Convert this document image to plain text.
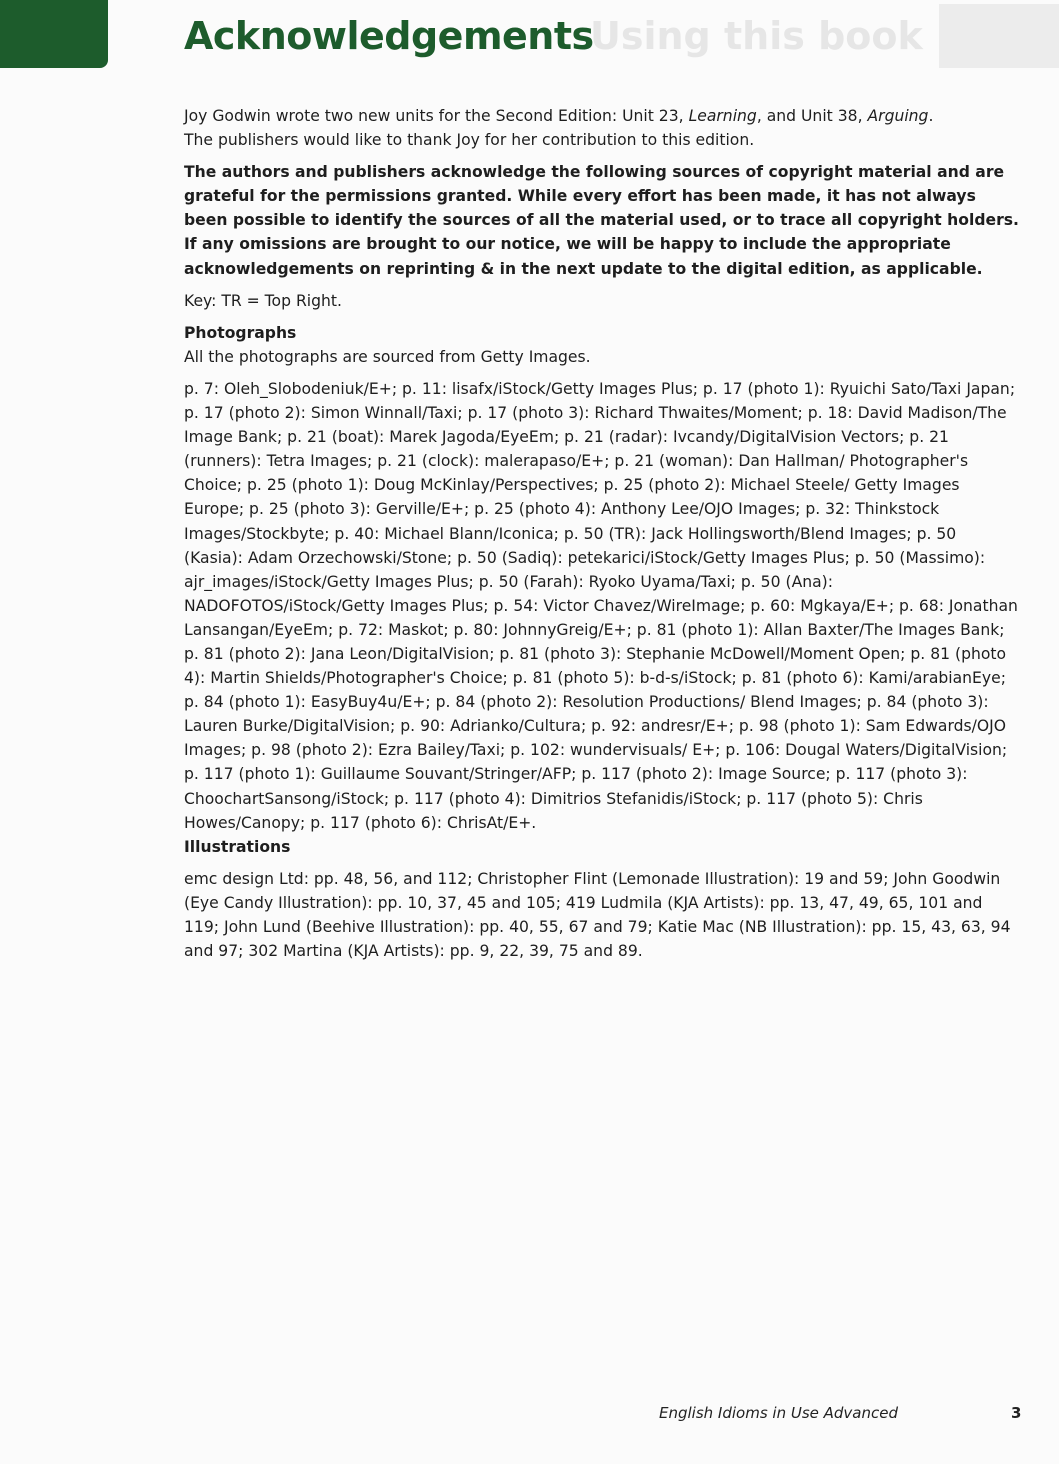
Using this book
Acknowledgements

Joy Godwin wrote two new units for the Second Edition: Unit 23, Learning, and Unit 38, Arguing.

The publishers would like to thank Joy for her contribution to this edition.

The authors and publishers acknowledge the following sources of copyright material and are grateful for the permissions granted. While every effort has been made, it has not always been possible to identify the sources of all the material used, or to trace all copyright holders. If any omissions are brought to our notice, we will be happy to include the appropriate acknowledgements on reprinting & in the next update to the digital edition, as applicable.

Key: TR = Top Right.

Photographs

All the photographs are sourced from Getty Images.

p. 7: Oleh_Slobodeniuk/E+; p. 11: lisafx/iStock/Getty Images Plus; p. 17 (photo 1): Ryuichi Sato/Taxi Japan; p. 17 (photo 2): Simon Winnall/Taxi; p. 17 (photo 3): Richard Thwaites/Moment; p. 18: David Madison/The Image Bank; p. 21 (boat): Marek Jagoda/EyeEm; p. 21 (radar): Ivcandy/DigitalVision Vectors; p. 21 (runners): Tetra Images; p. 21 (clock): malerapaso/E+; p. 21 (woman): Dan Hallman/ Photographer's Choice; p. 25 (photo 1): Doug McKinlay/Perspectives; p. 25 (photo 2): Michael Steele/ Getty Images Europe; p. 25 (photo 3): Gerville/E+; p. 25 (photo 4): Anthony Lee/OJO Images; p. 32: Thinkstock Images/Stockbyte; p. 40: Michael Blann/Iconica; p. 50 (TR): Jack Hollingsworth/Blend Images; p. 50 (Kasia): Adam Orzechowski/Stone; p. 50 (Sadiq): petekarici/iStock/Getty Images Plus; p. 50 (Massimo): ajr_images/iStock/Getty Images Plus; p. 50 (Farah): Ryoko Uyama/Taxi; p. 50 (Ana): NADOFOTOS/iStock/Getty Images Plus; p. 54: Victor Chavez/WireImage; p. 60: Mgkaya/E+; p. 68: Jonathan Lansangan/EyeEm; p. 72: Maskot; p. 80: JohnnyGreig/E+; p. 81 (photo 1): Allan Baxter/The Images Bank; p. 81 (photo 2): Jana Leon/DigitalVision; p. 81 (photo 3): Stephanie McDowell/Moment Open; p. 81 (photo 4): Martin Shields/Photographer's Choice; p. 81 (photo 5): b-d-s/iStock; p. 81 (photo 6): Kami/arabianEye; p. 84 (photo 1): EasyBuy4u/E+; p. 84 (photo 2): Resolution Productions/ Blend Images; p. 84 (photo 3): Lauren Burke/DigitalVision; p. 90: Adrianko/Cultura; p. 92: andresr/E+; p. 98 (photo 1): Sam Edwards/OJO Images; p. 98 (photo 2): Ezra Bailey/Taxi; p. 102: wundervisuals/ E+; p. 106: Dougal Waters/DigitalVision; p. 117 (photo 1): Guillaume Souvant/Stringer/AFP; p. 117 (photo 2): Image Source; p. 117 (photo 3): ChoochartSansong/iStock; p. 117 (photo 4): Dimitrios Stefanidis/iStock; p. 117 (photo 5): Chris Howes/Canopy; p. 117 (photo 6): ChrisAt/E+.

Illustrations

emc design Ltd: pp. 48, 56, and 112; Christopher Flint (Lemonade Illustration): 19 and 59; John Goodwin (Eye Candy Illustration): pp. 10, 37, 45 and 105; 419 Ludmila (KJA Artists): pp. 13, 47, 49, 65, 101 and 119; John Lund (Beehive Illustration): pp. 40, 55, 67 and 79; Katie Mac (NB Illustration): pp. 15, 43, 63, 94 and 97; 302 Martina (KJA Artists): pp. 9, 22, 39, 75 and 89.

English Idioms in Use Advanced	3
